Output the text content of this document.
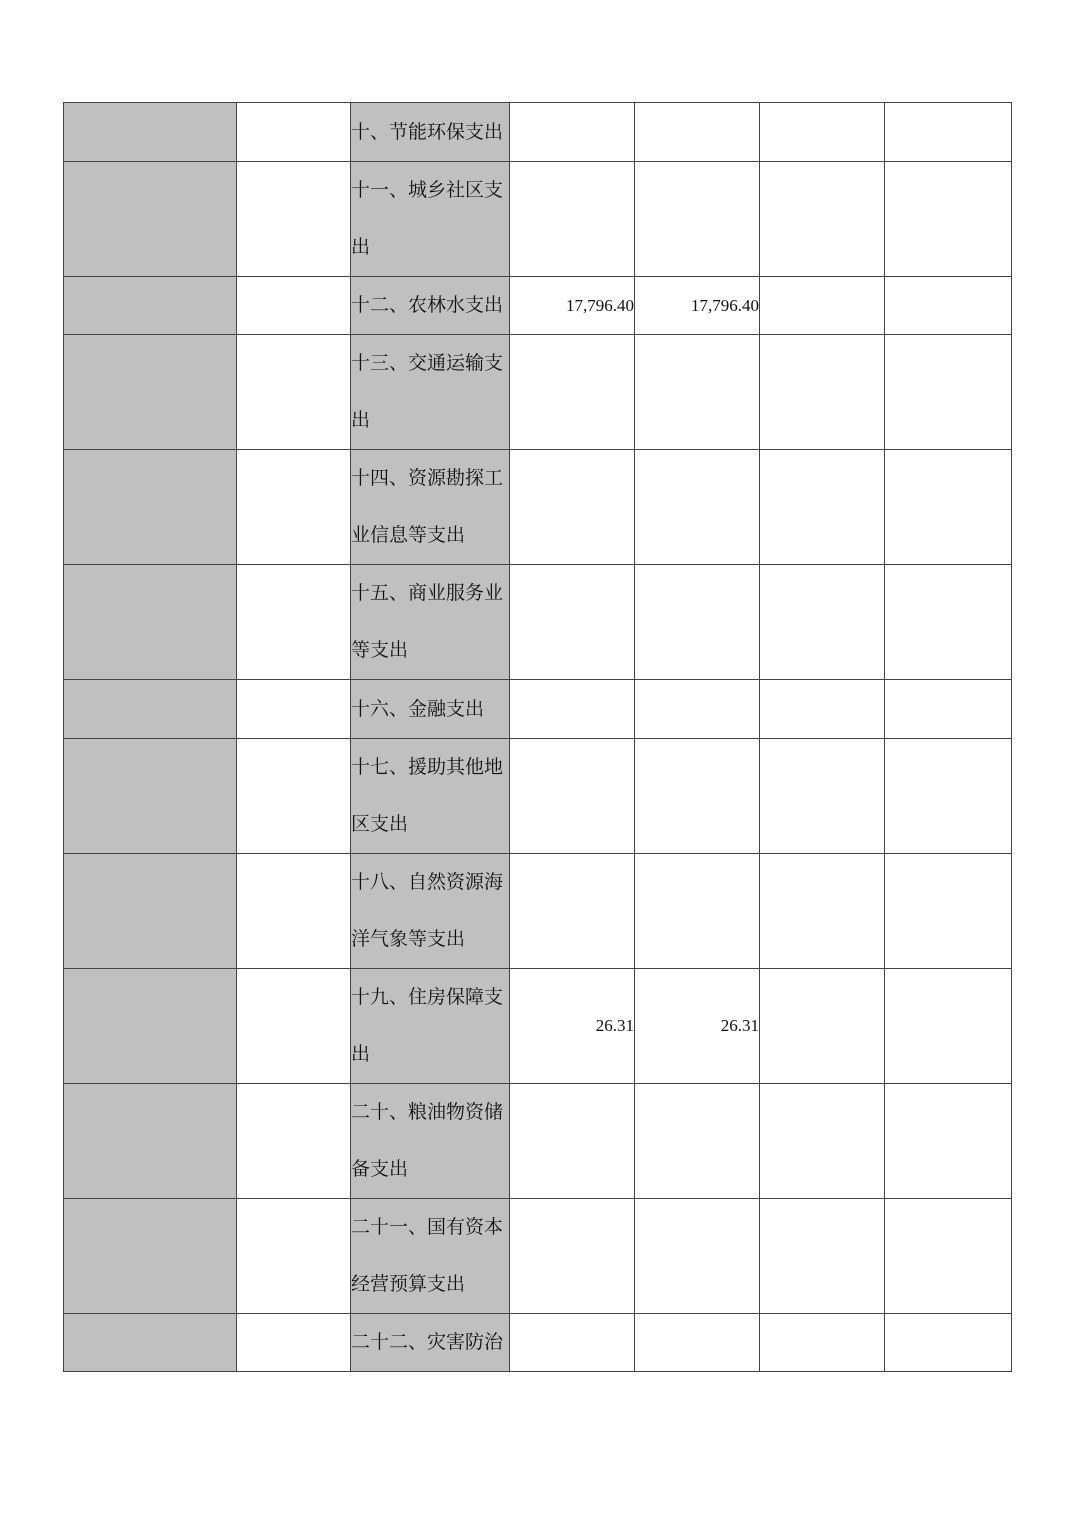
		十、节能环保支出				
		十一、城乡社区支出				
		十二、农林水支出	17,796.40	17,796.40		
		十三、交通运输支出				
		十四、资源勘探工业信息等支出				
		十五、商业服务业等支出				
		十六、金融支出				
		十七、援助其他地区支出				
		十八、自然资源海洋气象等支出				
		十九、住房保障支出	26.31	26.31		
		二十、粮油物资储备支出				
		二十一、国有资本经营预算支出				
		二十二、灾害防治				
